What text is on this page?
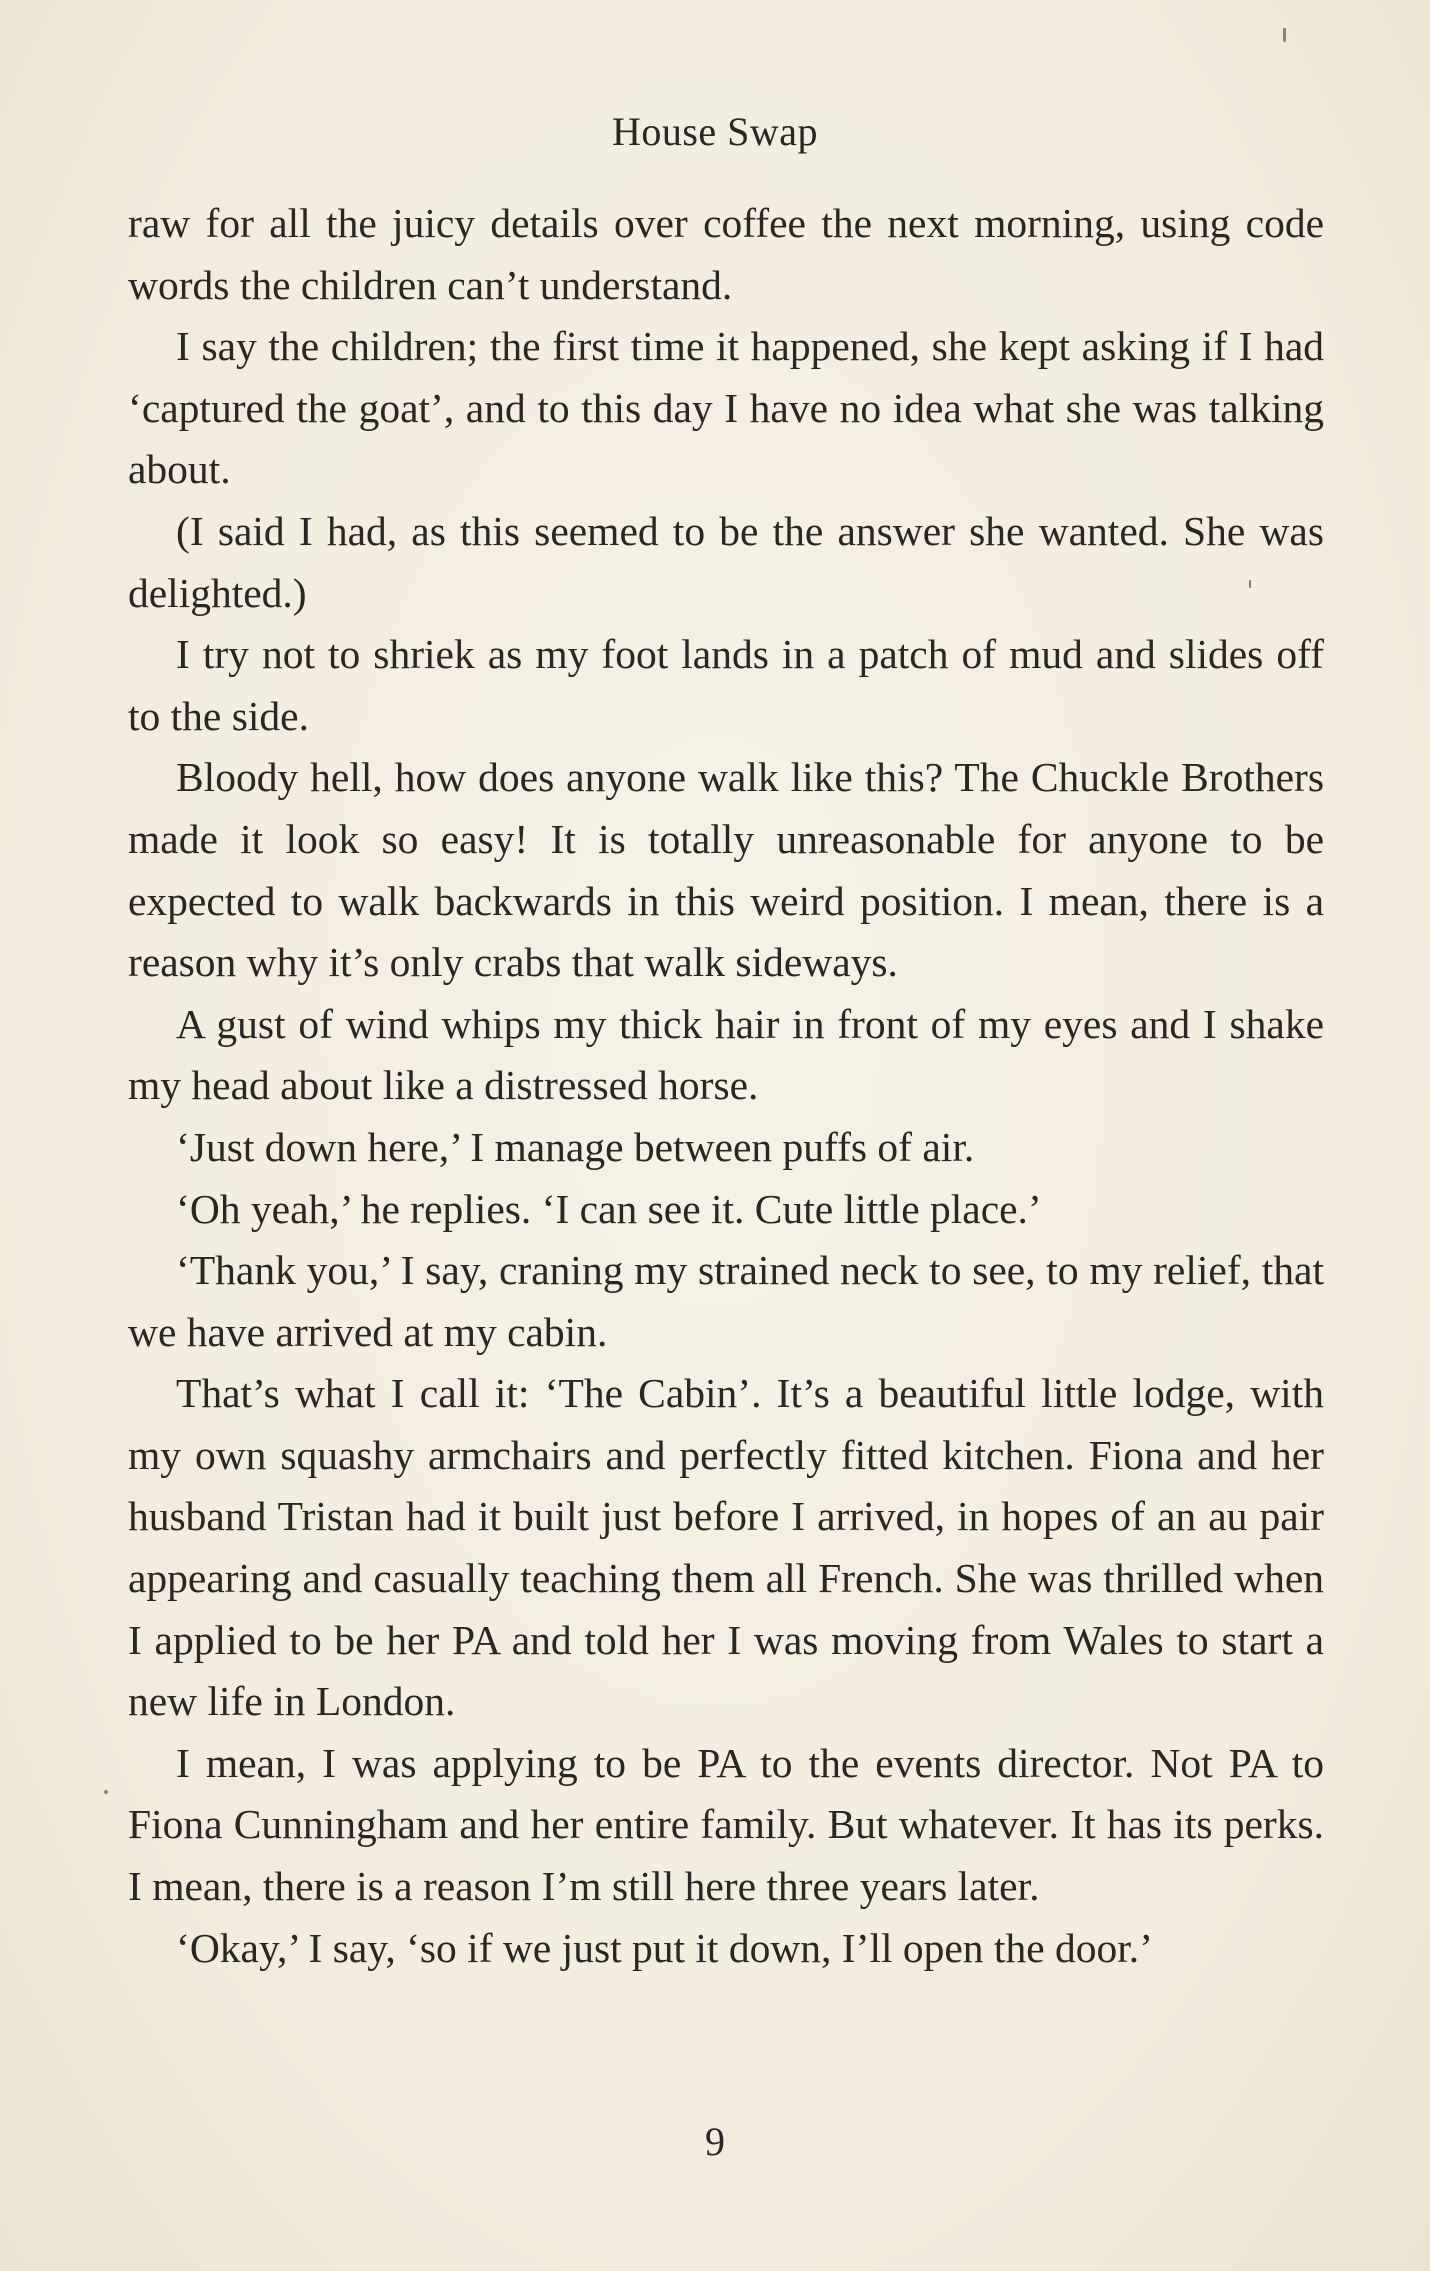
House Swap

raw for all the juicy details over coffee the next morning, using code words the children can’t understand.

I say the children; the first time it happened, she kept asking if I had ‘captured the goat’, and to this day I have no idea what she was talking about.

(I said I had, as this seemed to be the answer she wanted. She was delighted.)

I try not to shriek as my foot lands in a patch of mud and slides off to the side.

Bloody hell, how does anyone walk like this? The Chuckle Brothers made it look so easy! It is totally unreasonable for anyone to be expected to walk backwards in this weird position. I mean, there is a reason why it’s only crabs that walk sideways.

A gust of wind whips my thick hair in front of my eyes and I shake my head about like a distressed horse.

‘Just down here,’ I manage between puffs of air.

‘Oh yeah,’ he replies. ‘I can see it. Cute little place.’

‘Thank you,’ I say, craning my strained neck to see, to my relief, that we have arrived at my cabin.

That’s what I call it: ‘The Cabin’. It’s a beautiful little lodge, with my own squashy armchairs and perfectly fitted kitchen. Fiona and her husband Tristan had it built just before I arrived, in hopes of an au pair appearing and casually teaching them all French. She was thrilled when I applied to be her PA and told her I was moving from Wales to start a new life in London.

I mean, I was applying to be PA to the events director. Not PA to Fiona Cunningham and her entire family. But whatever. It has its perks. I mean, there is a reason I’m still here three years later.

‘Okay,’ I say, ‘so if we just put it down, I’ll open the door.’

9
